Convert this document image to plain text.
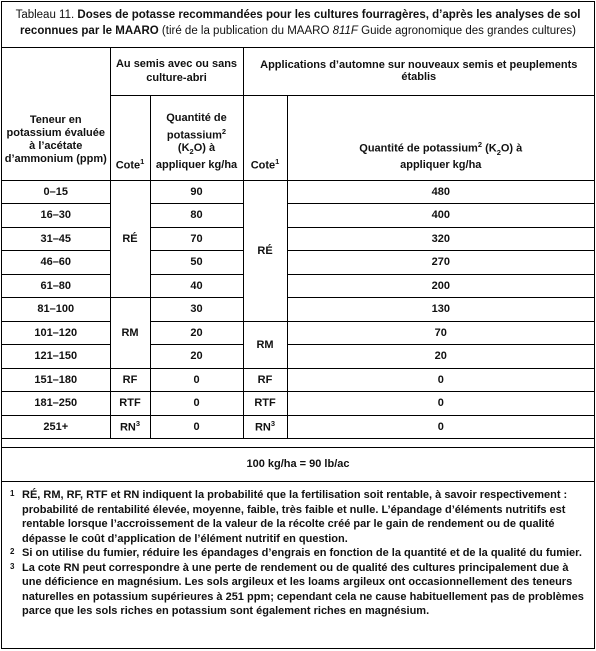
Tableau 11. Doses de potasse recommandées pour les cultures fourragères, d’après les analyses de sol reconnues par le MAARO (tiré de la publication du MAARO 811F Guide agronomique des grandes cultures)
Teneur en potassium évaluée à l’acétate d’ammonium (ppm)	Au semis avec ou sans culture-abri		Applications d’automne sur nouveaux semis et peuplements établis	
	Cote$^1$	Quantité de potassium$^2$ $(K_2O)$ à appliquer kg/ha	Cote$^1$	Quantité de potassium$^2$ $(K_2O)$ à appliquer kg/ha
0–15	RÉ	90	RÉ	480
16–30		80		400
31–45		70		320
46–60		50		270
61–80		40		200
81–100	RM	30		130
101–120		20	RM	70
121–150		20		20
151–180	RF	0	RF	0
181–250	RTF	0	RTF	0
251+	$RN^3$	0	$RN^3$	0
100 kg/ha = 90 lb/ac
1 RÉ, RM, RF, RTF et RN indiquent la probabilité que la fertilisation soit rentable, à savoir respectivement : probabilité de rentabilité élevée, moyenne, faible, très faible et nulle. L’épandage d’éléments nutritifs est rentable lorsque l’accroissement de la valeur de la récolte créé par le gain de rendement ou de qualité dépasse le coût d’application de l’élément nutritif en question.
2 Si on utilise du fumier, réduire les épandages d’engrais en fonction de la quantité et de la qualité du fumier.
3 La cote RN peut correspondre à une perte de rendement ou de qualité des cultures principalement due à une déficience en magnésium. Les sols argileux et les loams argileux ont occasionnellement des teneurs naturelles en potassium supérieures à 251 ppm; cependant cela ne cause habituellement pas de problèmes parce que les sols riches en potassium sont également riches en magnésium.
